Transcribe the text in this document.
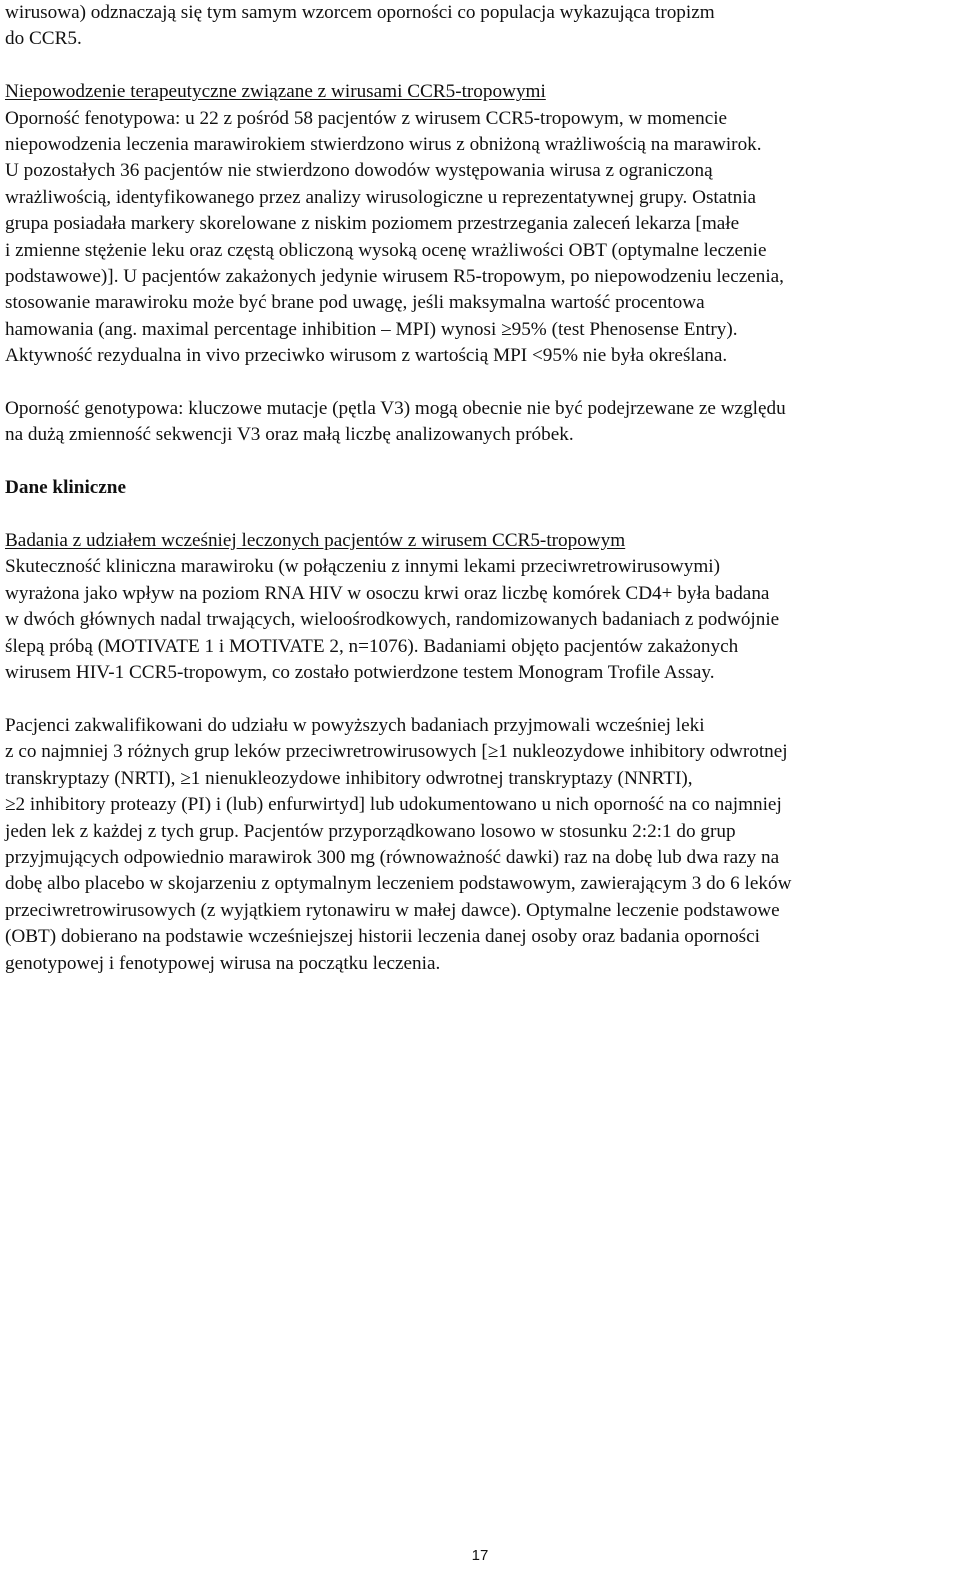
wirusowa) odznaczają się tym samym wzorcem oporności co populacja wykazująca tropizm

do CCR5.

Niepowodzenie terapeutyczne związane z wirusami CCR5-tropowymi

Oporność fenotypowa: u 22 z pośród 58 pacjentów z wirusem CCR5-tropowym, w momencie

niepowodzenia leczenia marawirokiem stwierdzono wirus z obniżoną wrażliwością na marawirok.

U pozostałych 36 pacjentów nie stwierdzono dowodów występowania wirusa z ograniczoną

wrażliwością, identyfikowanego przez analizy wirusologiczne u reprezentatywnej grupy. Ostatnia

grupa posiadała markery skorelowane z niskim poziomem przestrzegania zaleceń lekarza [małe

i zmienne stężenie leku oraz częstą obliczoną wysoką ocenę wrażliwości OBT (optymalne leczenie

podstawowe)]. U pacjentów zakażonych jedynie wirusem R5-tropowym, po niepowodzeniu leczenia,

stosowanie marawiroku może być brane pod uwagę, jeśli maksymalna wartość procentowa

hamowania (ang. maximal percentage inhibition – MPI) wynosi ≥95% (test Phenosense Entry).

Aktywność rezydualna in vivo przeciwko wirusom z wartością MPI <95% nie była określana.

Oporność genotypowa: kluczowe mutacje (pętla V3) mogą obecnie nie być podejrzewane ze względu

na dużą zmienność sekwencji V3 oraz małą liczbę analizowanych próbek.

Dane kliniczne

Badania z udziałem wcześniej leczonych pacjentów z wirusem CCR5-tropowym

Skuteczność kliniczna marawiroku (w połączeniu z innymi lekami przeciwretrowirusowymi)

wyrażona jako wpływ na poziom RNA HIV w osoczu krwi oraz liczbę komórek CD4+ była badana

w dwóch głównych nadal trwających, wieloośrodkowych, randomizowanych badaniach z podwójnie

ślepą próbą (MOTIVATE 1 i MOTIVATE 2, n=1076). Badaniami objęto pacjentów zakażonych

wirusem HIV-1 CCR5-tropowym, co zostało potwierdzone testem Monogram Trofile Assay.

Pacjenci zakwalifikowani do udziału w powyższych badaniach przyjmowali wcześniej leki

z co najmniej 3 różnych grup leków przeciwretrowirusowych [≥1 nukleozydowe inhibitory odwrotnej

transkryptazy (NRTI), ≥1 nienukleozydowe inhibitory odwrotnej transkryptazy (NNRTI),

≥2 inhibitory proteazy (PI) i (lub) enfurwirtyd] lub udokumentowano u nich oporność na co najmniej

jeden lek z każdej z tych grup. Pacjentów przyporządkowano losowo w stosunku 2:2:1 do grup

przyjmujących odpowiednio marawirok 300 mg (równoważność dawki) raz na dobę lub dwa razy na

dobę albo placebo w skojarzeniu z optymalnym leczeniem podstawowym, zawierającym 3 do 6 leków

przeciwretrowirusowych (z wyjątkiem rytonawiru w małej dawce). Optymalne leczenie podstawowe

(OBT) dobierano na podstawie wcześniejszej historii leczenia danej osoby oraz badania oporności

genotypowej i fenotypowej wirusa na początku leczenia.

17
